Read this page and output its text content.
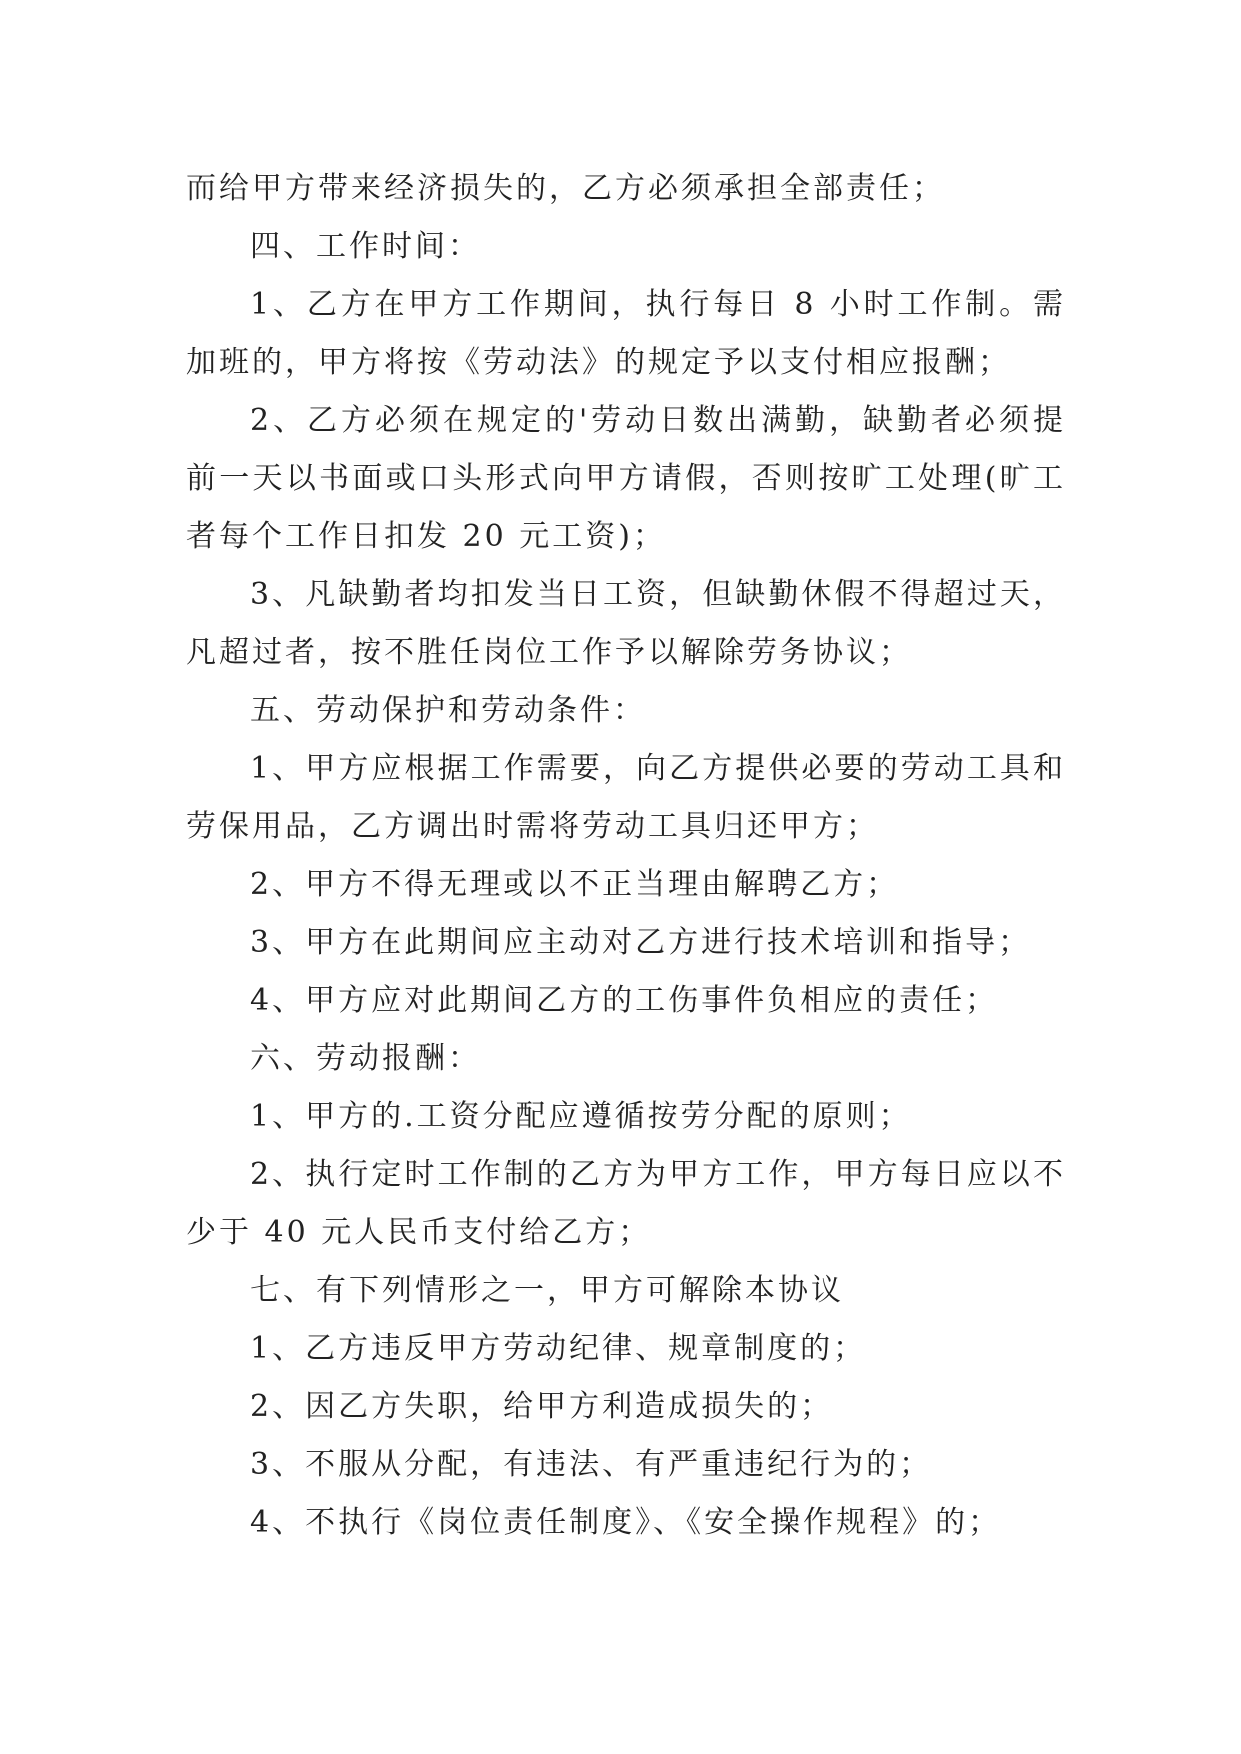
而给甲方带来经济损失的，乙方必须承担全部责任；

四、工作时间：

1、乙方在甲方工作期间，执行每日 8 小时工作制。需加班的，甲方将按《劳动法》的规定予以支付相应报酬；

2、乙方必须在规定的'劳动日数出满勤，缺勤者必须提前一天以书面或口头形式向甲方请假，否则按旷工处理(旷工者每个工作日扣发 20 元工资)；

3、凡缺勤者均扣发当日工资，但缺勤休假不得超过天，凡超过者，按不胜任岗位工作予以解除劳务协议；

五、劳动保护和劳动条件：

1、甲方应根据工作需要，向乙方提供必要的劳动工具和劳保用品，乙方调出时需将劳动工具归还甲方；

2、甲方不得无理或以不正当理由解聘乙方；

3、甲方在此期间应主动对乙方进行技术培训和指导；

4、甲方应对此期间乙方的工伤事件负相应的责任；

六、劳动报酬：

1、甲方的.工资分配应遵循按劳分配的原则；

2、执行定时工作制的乙方为甲方工作，甲方每日应以不少于 40 元人民币支付给乙方；

七、有下列情形之一，甲方可解除本协议

1、乙方违反甲方劳动纪律、规章制度的；

2、因乙方失职，给甲方利造成损失的；

3、不服从分配，有违法、有严重违纪行为的；

4、不执行《岗位责任制度》、《安全操作规程》的；
